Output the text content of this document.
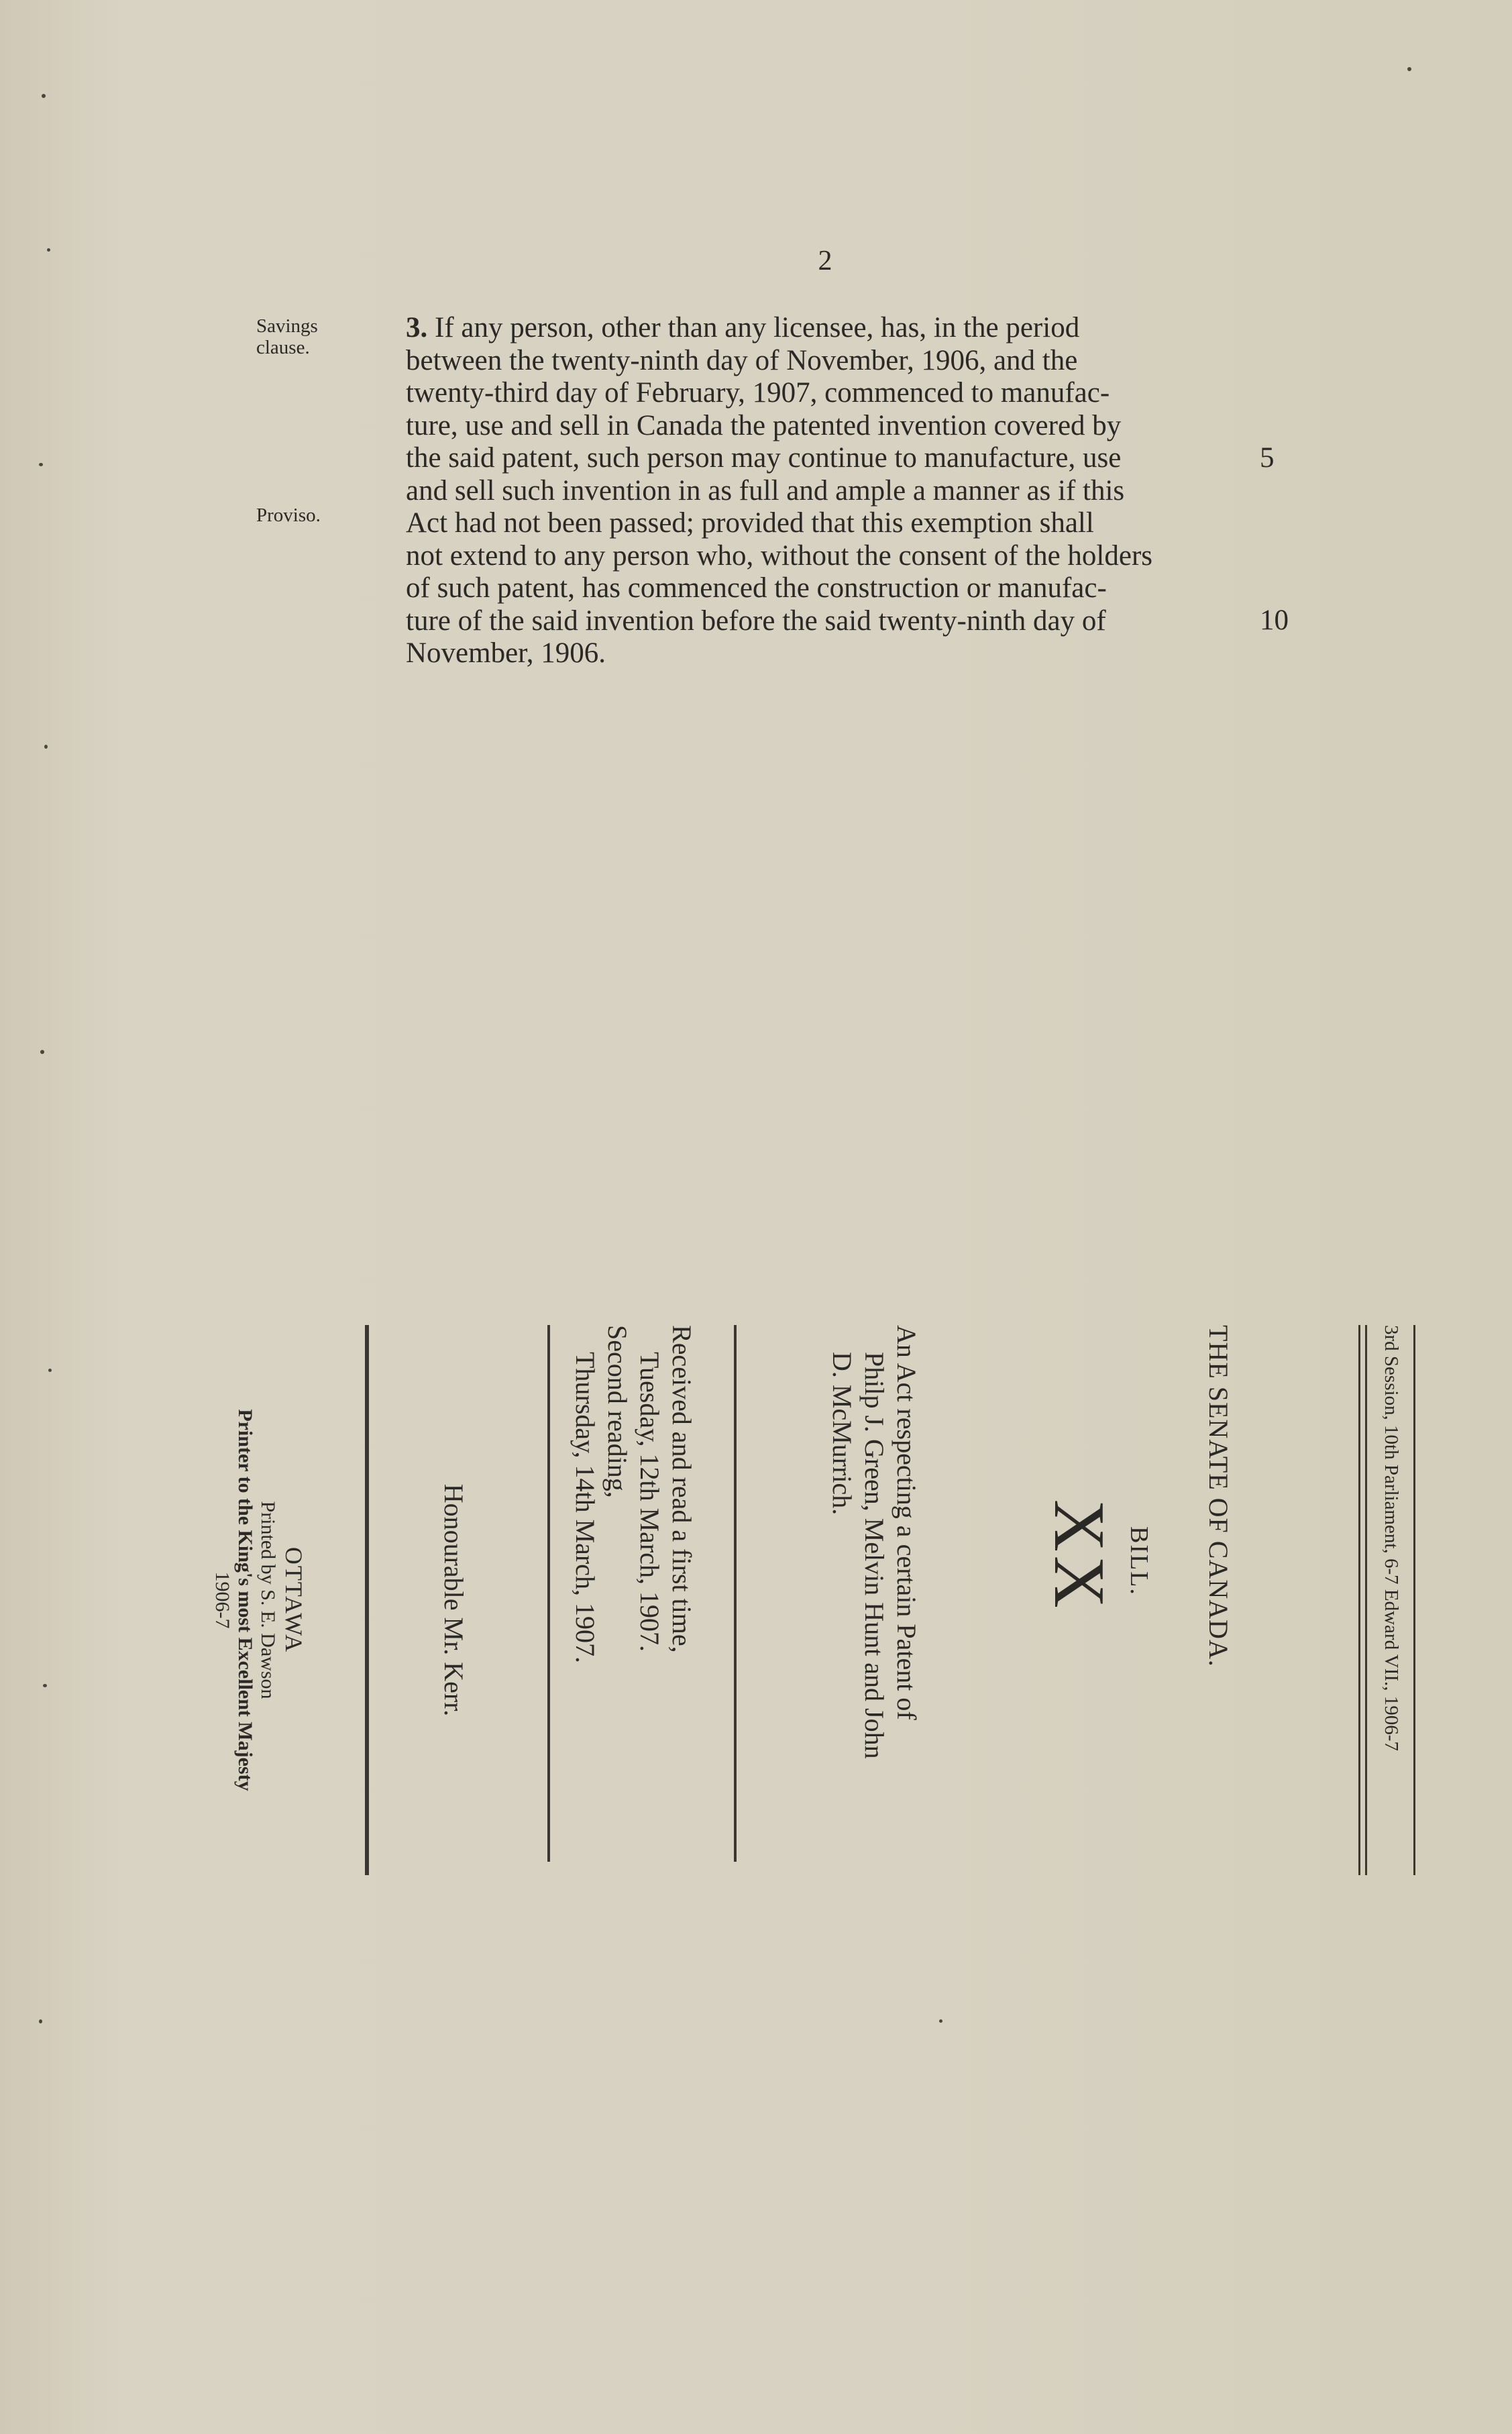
2
Savings
clause.
Proviso.
3. If any person, other than any licensee, has, in the period
between the twenty-ninth day of November, 1906, and the
twenty-third day of February, 1907, commenced to manufac-
ture, use and sell in Canada the patented invention covered by
the said patent, such person may continue to manufacture, use
and sell such invention in as full and ample a manner as if this
Act had not been passed; provided that this exemption shall
not extend to any person who, without the consent of the holders
of such patent, has commenced the construction or manufac-
ture of the said invention before the said twenty-ninth day of
November, 1906.
5
10
3rd Session, 10th Parliament, 6-7 Edward VII., 1906-7
THE SENATE OF CANADA.
BILL.
XX

An Act respecting a certain Patent of

Philp J. Green, Melvin Hunt and John

D. McMurrich.

Received and read a first time,

Tuesday, 12th March, 1907.

Second reading,

Thursday, 14th March, 1907.

Honourable Mr. Kerr.
OTTAWA
Printed by S. E. Dawson
Printer to the King's most Excellent Majesty
1906-7
